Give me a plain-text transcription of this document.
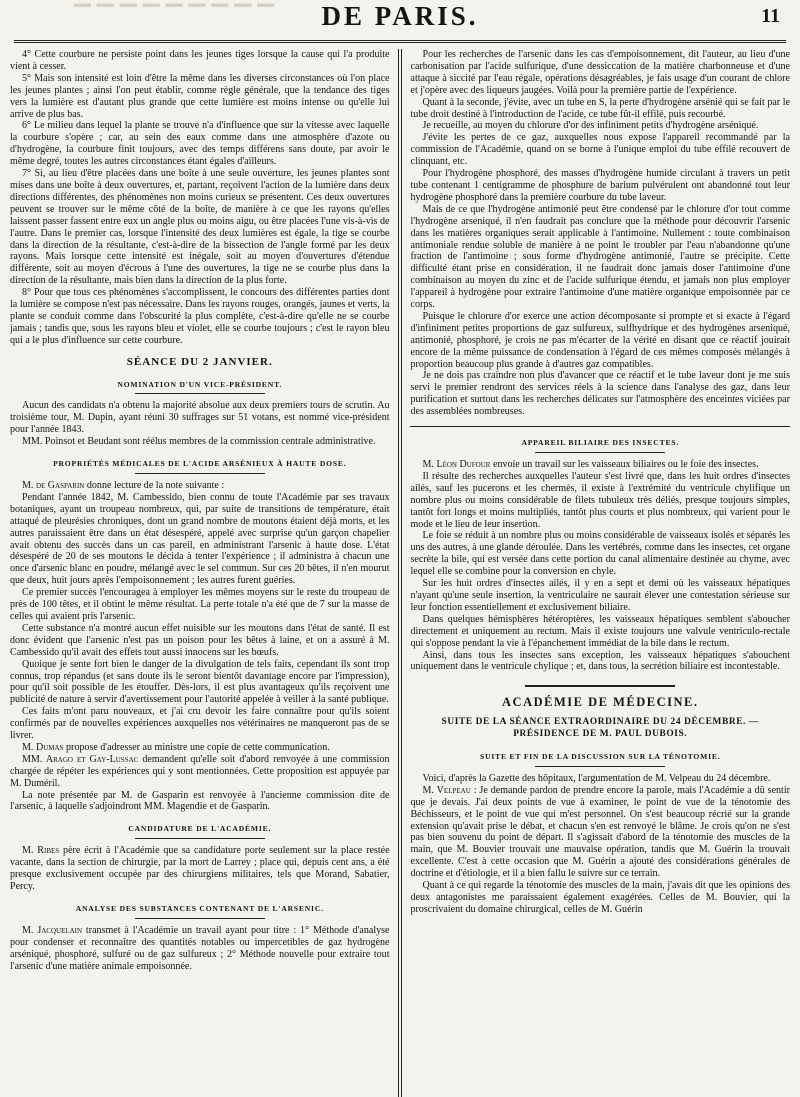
▔▔▔▔▔▔▔▔▔	DE PARIS.	11

4° Cette courbure ne persiste point dans les jeunes tiges lorsque la cause qui l'a produite vient à cesser.

5° Mais son intensité est loin d'être la même dans les diverses circonstances où l'on place les jeunes plantes ; ainsi l'on peut établir, comme règle générale, que la tendance des tiges vers la lumière est d'autant plus grande que cette lumière est moins intense ou qu'elle lui arrive de plus bas.

6° Le milieu dans lequel la plante se trouve n'a d'influence que sur la vitesse avec laquelle la courbure s'opère ; car, au sein des eaux comme dans une atmosphère d'azote ou d'hydrogène, la courbure finit toujours, avec des temps différens sans doute, par avoir le même degré, toutes les autres circonstances étant égales d'ailleurs.

7° Si, au lieu d'être placées dans une boîte à une seule ouverture, les jeunes plantes sont mises dans une boîte à deux ouvertures, et, partant, reçoivent l'action de la lumière dans deux directions différentes, des phénomènes non moins curieux se présentent. Ces deux ouvertures peuvent se trouver sur le même côté de la boîte, de manière à ce que les rayons qu'elles laissent passer fassent entre eux un angle plus ou moins aigu, ou être placées l'une vis-à-vis de l'autre. Dans le premier cas, lorsque l'intensité des deux lumières est égale, la tige se courbe dans la direction de la résultante, c'est-à-dire de la bissection de l'angle formé par les deux rayons. Mais lorsque cette intensité est inégale, soit au moyen d'ouvertures d'étendue différente, soit au moyen d'écrous à l'une des ouvertures, la tige ne se courbe plus dans la direction de la résultante, mais bien dans la direction de la plus forte.

8° Pour que tous ces phénomènes s'accomplissent, le concours des différentes parties dont la lumière se compose n'est pas nécessaire. Dans les rayons rouges, orangés, jaunes et verts, la plante se conduit comme dans l'obscurité la plus complète, c'est-à-dire qu'elle ne se courbe jamais ; tandis que, sous les rayons bleu et violet, elle se courbe toujours ; c'est le rayon bleu qui a le plus d'influence sur cette courbure.

SÉANCE DU 2 JANVIER.
NOMINATION D'UN VICE-PRÉSIDENT.

Aucun des candidats n'a obtenu la majorité absolue aux deux premiers tours de scrutin. Au troisième tour, M. Dupin, ayant réuni 30 suffrages sur 51 votans, est nommé vice-président pour l'année 1843.

MM. Poinsot et Beudant sont réélus membres de la commission centrale administrative.

PROPRIÉTÉS MÉDICALES DE L'ACIDE ARSÉNIEUX À HAUTE DOSE.

M. de Gasparin donne lecture de la note suivante :

Pendant l'année 1842, M. Cambessido, bien connu de toute l'Académie par ses travaux botaniques, ayant un troupeau nombreux, qui, par suite de transitions de température, était attaqué de pleurésies chroniques, dont un grand nombre de moutons étaient déjà morts, et les autres paraissaient être dans un état désespéré, appelé avec surprise qu'un garçon chapelier avait obtenu des succès dans un cas pareil, en administrant l'arsenic à haute dose. L'état désespéré de 20 de ses moutons le décida à tenter l'expérience ; il administra à chacun une once d'arsenic blanc en poudre, mélangé avec le sel commun. Sur ces 20 bêtes, il n'en mourut que deux, huit jours après l'empoisonnement ; les autres furent guéries.

Ce premier succès l'encouragea à employer les mêmes moyens sur le reste du troupeau de près de 100 têtes, et il obtint le même résultat. La perte totale n'a été que de 7 sur la masse de celles qui avaient pris l'arsenic.

Cette substance n'a montré aucun effet nuisible sur les moutons dans l'état de santé. Il est donc évident que l'arsenic n'est pas un poison pour les bêtes à laine, et on a assuré à M. Cambessido qu'il avait des effets tout aussi innocens sur les bœufs.

Quoique je sente fort bien le danger de la divulgation de tels faits, cependant ils sont trop connus, trop répandus (et sans doute ils le seront bientôt davantage encore par l'impression), pour qu'il soit possible de les étouffer. Dès-lors, il est plus avantageux qu'ils reçoivent une publicité de nature à servir d'avertissement pour l'autorité appelée à veiller à la santé publique.

Ces faits m'ont paru nouveaux, et j'ai cru devoir les faire connaître pour qu'ils soient confirmés par de nouvelles expériences auxquelles nos vétérinaires ne manqueront pas de se livrer.

M. Dumas propose d'adresser au ministre une copie de cette communication.

MM. Arago et Gay-Lussac demandent qu'elle soit d'abord renvoyée à une commission chargée de répéter les expériences qui y sont mentionnées. Cette proposition est appuyée par M. Duméril.

La note présentée par M. de Gasparin est renvoyée à l'ancienne commission dite de l'arsenic, à laquelle s'adjoindront MM. Magendie et de Gasparin.

CANDIDATURE DE L'ACADÉMIE.

M. Ribes père écrit à l'Académie que sa candidature porte seulement sur la place restée vacante, dans la section de chirurgie, par la mort de Larrey ; place qui, depuis cent ans, a été presque exclusivement occupée par des chirurgiens militaires, tels que Morand, Sabatier, Percy.

ANALYSE DES SUBSTANCES CONTENANT DE L'ARSENIC.

M. Jacquelain transmet à l'Académie un travail ayant pour titre : 1° Méthode d'analyse pour condenser et reconnaître des quantités notables ou impercetibles de gaz hydrogène arséniqué, phosphoré, sulfuré ou de gaz sulfureux ; 2° Méthode nouvelle pour extraire tout l'arsenic d'une matière animale empoisonnée.

Pour les recherches de l'arsenic dans les cas d'empoisonnement, dit l'auteur, au lieu d'une carbonisation par l'acide sulfurique, d'une dessiccation de la matière charbonneuse et d'une attaque à siccité par l'eau régale, opérations désagréables, je fais usage d'un courant de chlore et j'opère avec des liqueurs jaugées. Voilà pour la première partie de l'expérience.

Quant à la seconde, j'évite, avec un tube en S, la perte d'hydrogène arsénié qui se fait par le tube droit destiné à l'introduction de l'acide, ce tube fût-il effilé, puis recourbé.

Je recueille, au moyen du chlorure d'or des infiniment petits d'hydrogène arséniqué.

J'évite les pertes de ce gaz, auxquelles nous expose l'appareil recommandé par la commission de l'Académie, quand on se borne à l'unique emploi du tube effilé recouvert de clinquant, etc.

Pour l'hydrogène phosphoré, des masses d'hydrogène humide circulant à travers un petit tube contenant 1 centigramme de phosphure de barium pulvérulent ont abandonné tout leur hydrogène phosphoré dans la première courbure du tube laveur.

Mais de ce que l'hydrogène antimonié peut être condensé par le chlorure d'or tout comme l'hydrogène arseniqué, il n'en faudrait pas conclure que la méthode pour découvrir l'arsenic dans les matières organiques serait applicable à l'antimoine. Nullement : toute combinaison antimoniale rendue soluble de manière à ne point le troubler par l'eau n'abandonne qu'une fraction de l'antimoine ; sous forme d'hydrogène antimonié, l'autre se précipite. Cette difficulté étant prise en considération, il ne faudrait donc jamais doser l'antimoine d'une combinaison au moyen du zinc et de l'acide sulfurique étendu, et jamais non plus employer l'appareil à hydrogène pour extraire l'antimoine d'une matière organique empoisonnée par ce corps.

Puisque le chlorure d'or exerce une action décomposante si prompte et si exacte à l'égard d'infiniment petites proportions de gaz sulfureux, sulfhydrique et des hydrogènes arseniqué, antimonié, phosphoré, je crois ne pas m'écarter de la vérité en disant que ce réactif jouirait encore de la même puissance de condensation à l'égard de ces mêmes composés mélangés à proportion beaucoup plus grande à d'autres gaz compatibles.

Je ne dois pas craindre non plus d'avancer que ce réactif et le tube laveur dont je me suis servi le premier rendront des services réels à la science dans l'analyse des gaz, dans leur purification et surtout dans les recherches délicates sur l'atmosphère des enceintes viciées par des assemblées nombreuses.

APPAREIL BILIAIRE DES INSECTES.

M. Léon Dufour envoie un travail sur les vaisseaux biliaires ou le foie des insectes.

Il résulte des recherches auxquelles l'auteur s'est livré que, dans les huit ordres d'insectes ailés, sauf les pucerons et les chermès, il existe à l'extrémité du ventricule chylifique un nombre plus ou moins considérable de filets tubuleux très déliés, presque toujours simples, tantôt fort longs et moins multipliés, tantôt plus courts et plus nombreux, qui varient pour le mode et le lieu de leur insertion.

Le foie se réduit à un nombre plus ou moins considérable de vaisseaux isolés et séparés les uns des autres, à une glande déroulée. Dans les vertébrés, comme dans les insectes, cet organe secrète la bile, qui est versée dans cette portion du canal alimentaire destinée au chyme, avec lequel elle se combine pour la conversion en chyle.

Sur les huit ordres d'insectes ailés, il y en a sept et demi où les vaisseaux hépatiques n'ayant qu'une seule insertion, la ventriculaire ne saurait élever une contestation sérieuse sur leur fonction essentiellement et exclusivement biliaire.

Dans quelques hémisphères hétéroptères, les vaisseaux hépatiques semblent s'aboucher directement et uniquement au rectum. Mais il existe toujours une valvule ventriculo-rectale qui s'oppose pendant la vie à l'épanchement immédiat de la bile dans le rectum.

Ainsi, dans tous les insectes sans exception, les vaisseaux hépatiques s'abouchent uniquement dans le ventricule chylique ; et, dans tous, la secrétion biliaire est incontestable.

ACADÉMIE DE MÉDECINE.
SUITE DE LA SÉANCE EXTRAORDINAIRE DU 24 DÉCEMBRE. —
PRÉSIDENCE DE M. PAUL DUBOIS.
SUITE ET FIN DE LA DISCUSSION SUR LA TÉNOTOMIE.

Voici, d'après la Gazette des hôpitaux, l'argumentation de M. Velpeau du 24 décembre.

M. Velpeau : Je demande pardon de prendre encore la parole, mais l'Académie a dû sentir que je devais. J'ai deux points de vue à examiner, le point de vue de la ténotomie des Béchisseurs, et le point de vue qui m'est personnel. On s'est beaucoup récrié sur la grande extension qu'avait prise le débat, et chacun s'en est renvoyé le blâme. Je crois qu'on ne s'est pas bien souvenu du point de départ. Il s'agissait d'abord de la ténotomie des muscles de la main, que M. Bouvier trouvait une mauvaise opération, tandis que M. Guérin la trouvait excellente. C'est à cette occasion que M. Guérin a ajouté des considérations générales de doctrine et d'étiologie, et il a bien fallu le suivre sur ce terrain.

Quant à ce qui regarde la ténotomie des muscles de la main, j'avais dit que les opinions des deux antagonistes me paraissaient également exagérées. Celles de M. Bouvier, qui la proscrivaient du domaine chirurgical, celles de M. Guérin
